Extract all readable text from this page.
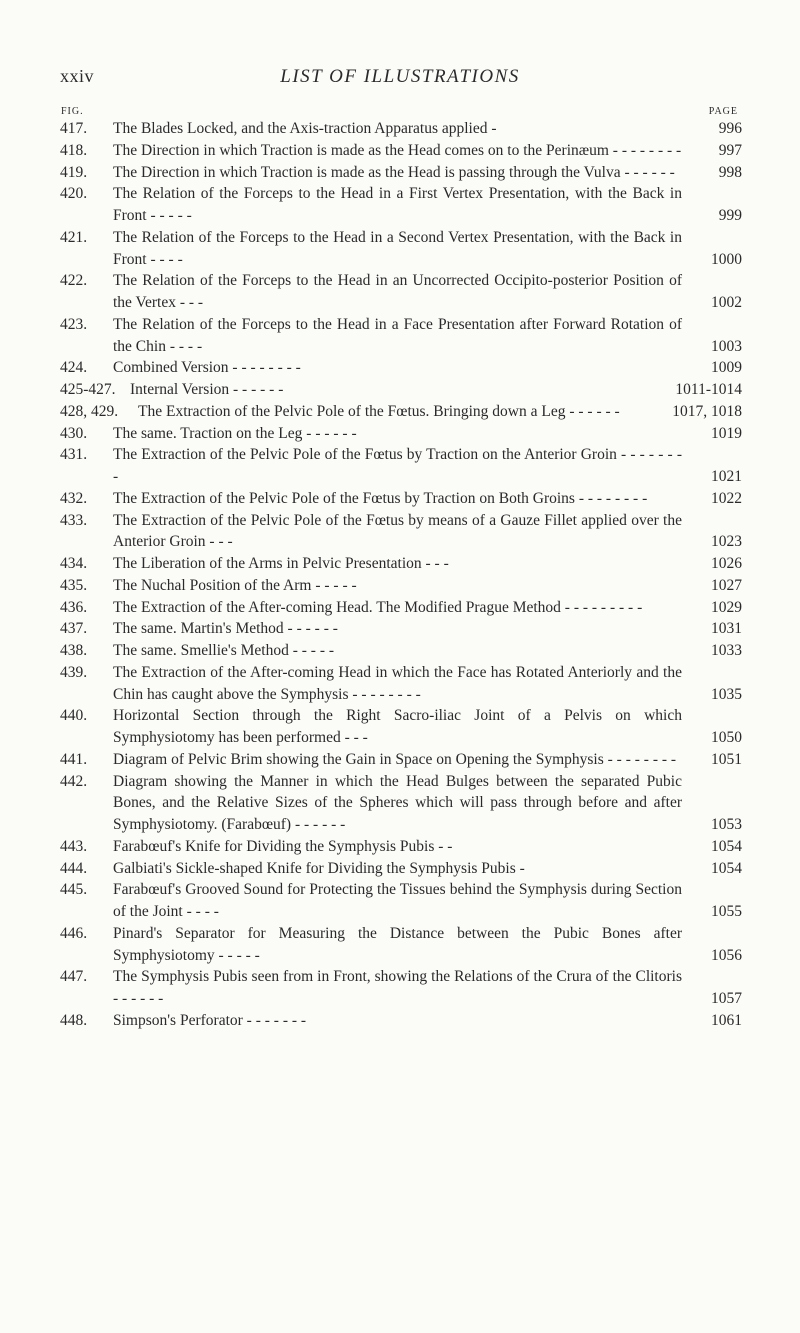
xxiv	LIST OF ILLUSTRATIONS
FIG.	PAGE
417. The Blades Locked, and the Axis-traction Apparatus applied -	996
418. The Direction in which Traction is made as the Head comes on to the Perinæum - - - - - - - - 997
419. The Direction in which Traction is made as the Head is passing through the Vulva - - - - - -	998
420. The Relation of the Forceps to the Head in a First Vertex Presentation, with the Back in Front - - - - -	999
421. The Relation of the Forceps to the Head in a Second Vertex Presentation, with the Back in Front - - - -	1000
422. The Relation of the Forceps to the Head in an Uncorrected Occipito-posterior Position of the Vertex - - -	1002
423. The Relation of the Forceps to the Head in a Face Presentation after Forward Rotation of the Chin - - - -	1003
424. Combined Version - - - - - - - -	1009
425-427. Internal Version - - - - - -	1011-1014
428, 429. The Extraction of the Pelvic Pole of the Fœtus. Bringing down a Leg - - - - - -	1017, 1018
430. The same. Traction on the Leg - - - - - -	1019
431. The Extraction of the Pelvic Pole of the Fœtus by Traction on the Anterior Groin - - - - - - - -	1021
432. The Extraction of the Pelvic Pole of the Fœtus by Traction on Both Groins - - - - - - - -	1022
433. The Extraction of the Pelvic Pole of the Fœtus by means of a Gauze Fillet applied over the Anterior Groin - - -	1023
434. The Liberation of the Arms in Pelvic Presentation - - -	1026
435. The Nuchal Position of the Arm - - - - -	1027
436. The Extraction of the After-coming Head. The Modified Prague Method - - - - - - - - -	1029
437. The same. Martin's Method - - - - - -	1031
438. The same. Smellie's Method - - - - -	1033
439. The Extraction of the After-coming Head in which the Face has Rotated Anteriorly and the Chin has caught above the Symphysis - - - - - - - -	1035
440. Horizontal Section through the Right Sacro-iliac Joint of a Pelvis on which Symphysiotomy has been performed - - -	1050
441. Diagram of Pelvic Brim showing the Gain in Space on Opening the Symphysis - - - - - - - -	1051
442. Diagram showing the Manner in which the Head Bulges between the separated Pubic Bones, and the Relative Sizes of the Spheres which will pass through before and after Symphysiotomy. (Farabœuf) - - - - - -	1053
443. Farabœuf's Knife for Dividing the Symphysis Pubis - -	1054
444. Galbiati's Sickle-shaped Knife for Dividing the Symphysis Pubis -	1054
445. Farabœuf's Grooved Sound for Protecting the Tissues behind the Symphysis during Section of the Joint - - - -	1055
446. Pinard's Separator for Measuring the Distance between the Pubic Bones after Symphysiotomy - - - - -	1056
447. The Symphysis Pubis seen from in Front, showing the Relations of the Crura of the Clitoris - - - - - -	1057
448. Simpson's Perforator - - - - - - -	1061
